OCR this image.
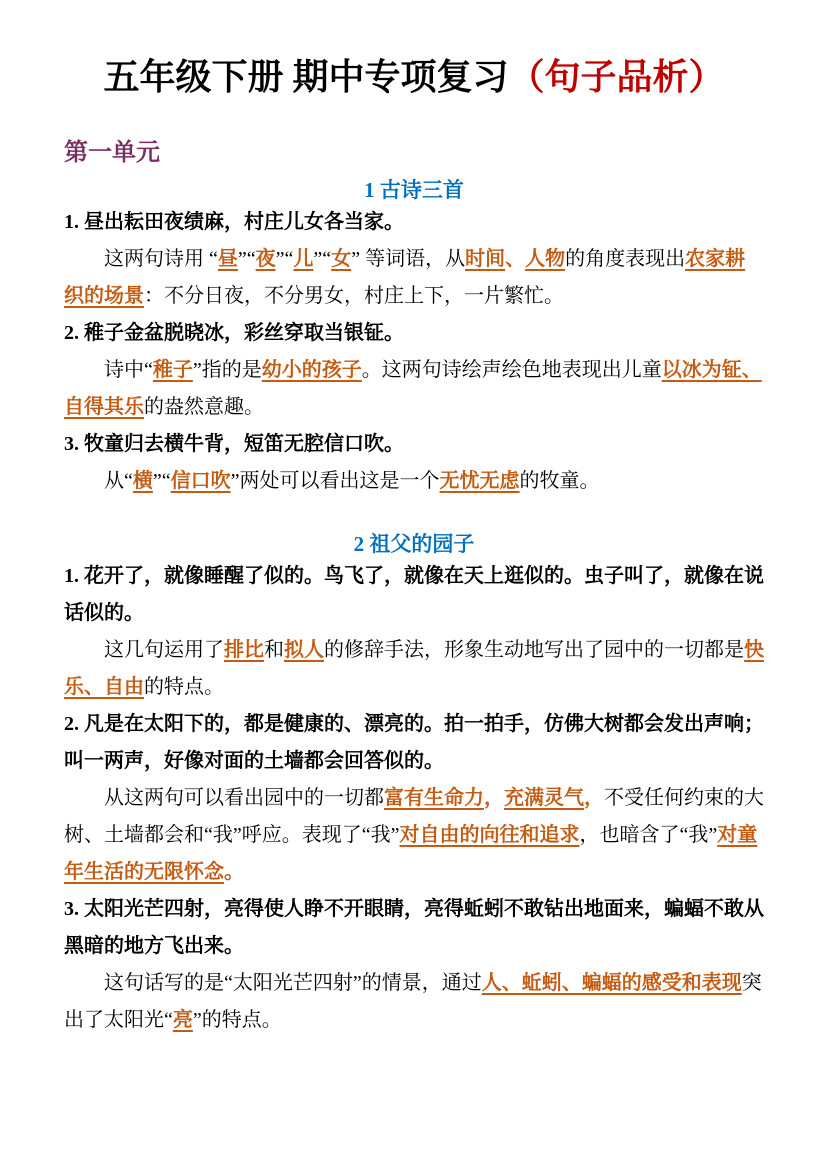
五年级下册 期中专项复习（句子品析）
第一单元
1 古诗三首

1. 昼出耘田夜绩麻，村庄儿女各当家。

这两句诗用 “昼”“夜”“儿”“女” 等词语，从时间、人物的角度表现出农家耕织的场景：不分日夜，不分男女，村庄上下，一片繁忙。

2. 稚子金盆脱晓冰，彩丝穿取当银钲。

诗中“稚子”指的是幼小的孩子。这两句诗绘声绘色地表现出儿童以冰为钲、自得其乐的盎然意趣。

3. 牧童归去横牛背，短笛无腔信口吹。

从“横”“信口吹”两处可以看出这是一个无忧无虑的牧童。

2 祖父的园子

1. 花开了，就像睡醒了似的。鸟飞了，就像在天上逛似的。虫子叫了，就像在说话似的。

这几句运用了排比和拟人的修辞手法，形象生动地写出了园中的一切都是快乐、自由的特点。

2. 凡是在太阳下的，都是健康的、漂亮的。拍一拍手，仿佛大树都会发出声响；叫一两声，好像对面的土墙都会回答似的。

从这两句可以看出园中的一切都富有生命力，充满灵气，不受任何约束的大树、土墙都会和“我”呼应。表现了“我”对自由的向往和追求，也暗含了“我”对童年生活的无限怀念。

3. 太阳光芒四射，亮得使人睁不开眼睛，亮得蚯蚓不敢钻出地面来，蝙蝠不敢从黑暗的地方飞出来。

这句话写的是“太阳光芒四射”的情景，通过人、蚯蚓、蝙蝠的感受和表现突出了太阳光“亮”的特点。
